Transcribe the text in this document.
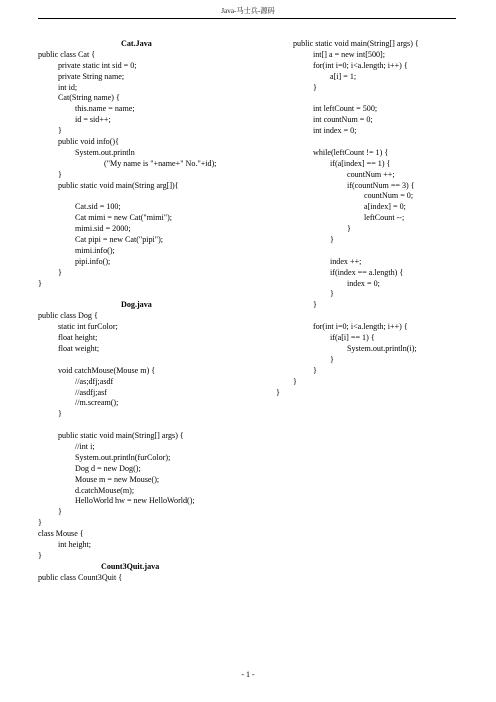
Java-马士兵-源码
Cat.Java
public class Cat {
private static int sid = 0;
private String name;
int id;
Cat(String name) {
this.name = name;
id = sid++;
}
public void info(){
System.out.println
("My name is "+name+" No."+id);
}
public static void main(String arg[]){
Cat.sid = 100;
Cat mimi = new Cat("mimi");
mimi.sid = 2000;
Cat pipi = new Cat("pipi");
mimi.info();
pipi.info();
}
}
Dog.java
public class Dog {
static int furColor;
float height;
float weight;
void catchMouse(Mouse m) {
//as;dfj;asdf
//asdfj;asf
//m.scream();
}
public static void main(String[] args) {
//int i;
System.out.println(furColor);
Dog d = new Dog();
Mouse m = new Mouse();
d.catchMouse(m);
HelloWorld hw = new HelloWorld();
}
}
class Mouse {
int height;
}
Count3Quit.java
public class Count3Quit {
public static void main(String[] args) {
int[] a = new int[500];
for(int i=0; i<a.length; i++) {
a[i] = 1;
}
int leftCount = 500;
int countNum = 0;
int index = 0;
while(leftCount != 1) {
if(a[index] == 1) {
countNum ++;
if(countNum == 3) {
countNum = 0;
a[index] = 0;
leftCount --;
}
}
index ++;
if(index == a.length) {
index = 0;
}
}
for(int i=0; i<a.length; i++) {
if(a[i] == 1) {
System.out.println(i);
}
}
}
}
- 1 -
